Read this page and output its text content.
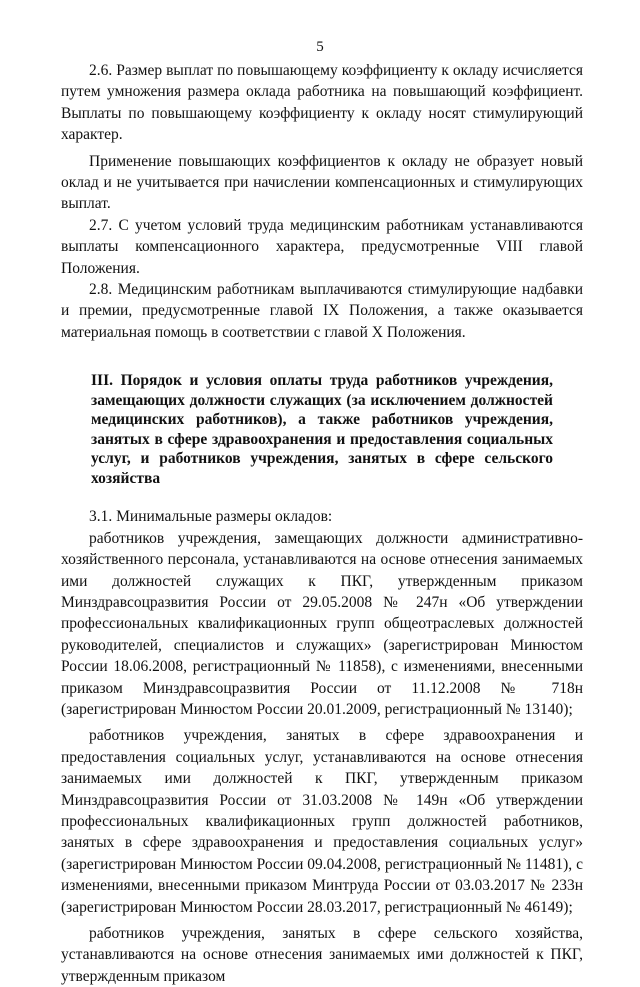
5

2.6. Размер выплат по повышающему коэффициенту к окладу исчисляется путем умножения размера оклада работника на повышающий коэффициент. Выплаты по повышающему коэффициенту к окладу носят стимулирующий характер.

Применение повышающих коэффициентов к окладу не образует новый оклад и не учитывается при начислении компенсационных и стимулирующих выплат.

2.7. С учетом условий труда медицинским работникам устанавливаются выплаты компенсационного характера, предусмотренные VIII главой Положения.

2.8. Медицинским работникам выплачиваются стимулирующие надбавки и премии, предусмотренные главой IX Положения, а также оказывается материальная помощь в соответствии с главой X Положения.

III. Порядок и условия оплаты труда работников учреждения, замещающих должности служащих (за исключением должностей медицинских работников), а также работников учреждения, занятых в сфере здравоохранения и предоставления социальных услуг, и работников учреждения, занятых в сфере сельского хозяйства

3.1. Минимальные размеры окладов:

работников учреждения, замещающих должности административно-хозяйственного персонала, устанавливаются на основе отнесения занимаемых ими должностей служащих к ПКГ, утвержденным приказом Минздравсоцразвития России от 29.05.2008 № 247н «Об утверждении профессиональных квалификационных групп общеотраслевых должностей руководителей, специалистов и служащих» (зарегистрирован Минюстом России 18.06.2008, регистрационный № 11858), с изменениями, внесенными приказом Минздравсоцразвития России от 11.12.2008 № 718н (зарегистрирован Минюстом России 20.01.2009, регистрационный № 13140);

работников учреждения, занятых в сфере здравоохранения и предоставления социальных услуг, устанавливаются на основе отнесения занимаемых ими должностей к ПКГ, утвержденным приказом Минздравсоцразвития России от 31.03.2008 № 149н «Об утверждении профессиональных квалификационных групп должностей работников, занятых в сфере здравоохранения и предоставления социальных услуг» (зарегистрирован Минюстом России 09.04.2008, регистрационный № 11481), с изменениями, внесенными приказом Минтруда России от 03.03.2017 № 233н (зарегистрирован Минюстом России 28.03.2017, регистрационный № 46149);

работников учреждения, занятых в сфере сельского хозяйства, устанавливаются на основе отнесения занимаемых ими должностей к ПКГ, утвержденным приказом
